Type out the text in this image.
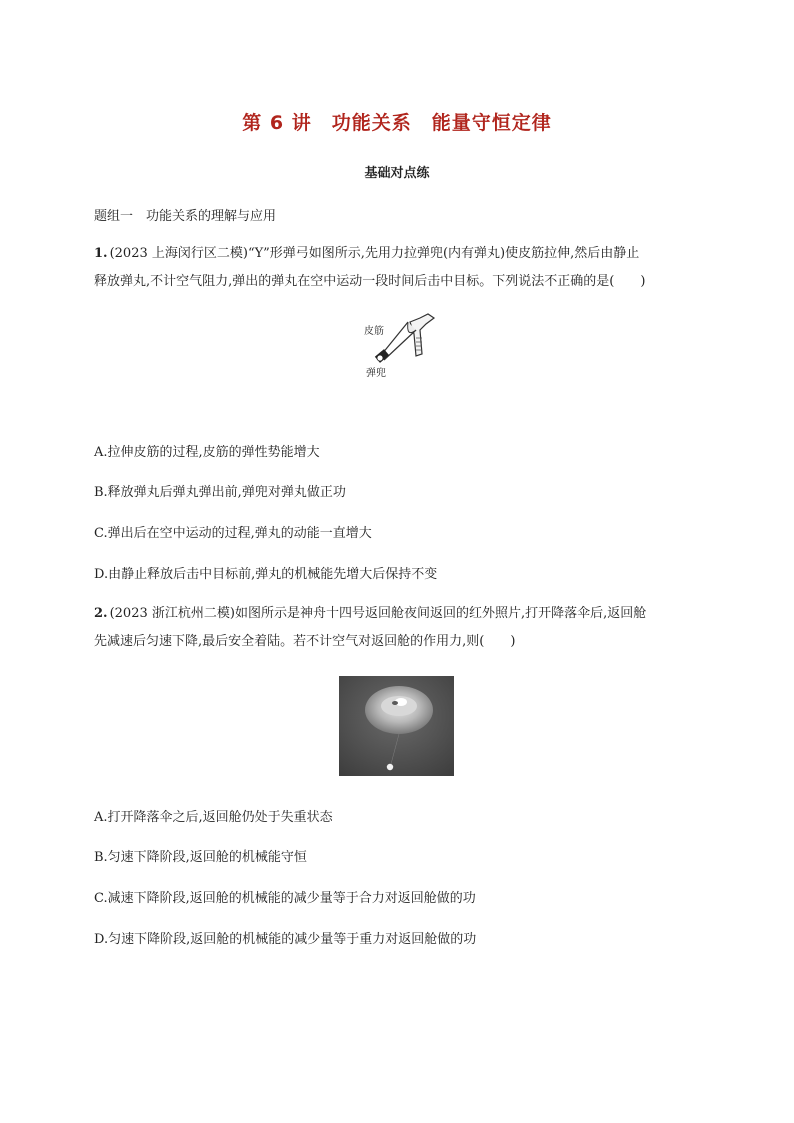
第 6 讲　功能关系　能量守恒定律
基础对点练
题组一　功能关系的理解与应用
1. (2023 上海闵行区二模)“Y”形弹弓如图所示,先用力拉弹兜(内有弹丸)使皮筋拉伸,然后由静止
释放弹丸,不计空气阻力,弹出的弹丸在空中运动一段时间后击中目标。下列说法不正确的是(　　)
皮筋
弹兜
A.拉伸皮筋的过程,皮筋的弹性势能增大
B.释放弹丸后弹丸弹出前,弹兜对弹丸做正功
C.弹出后在空中运动的过程,弹丸的动能一直增大
D.由静止释放后击中目标前,弹丸的机械能先增大后保持不变
2. (2023 浙江杭州二模)如图所示是神舟十四号返回舱夜间返回的红外照片,打开降落伞后,返回舱
先减速后匀速下降,最后安全着陆。若不计空气对返回舱的作用力,则(　　)
A.打开降落伞之后,返回舱仍处于失重状态
B.匀速下降阶段,返回舱的机械能守恒
C.减速下降阶段,返回舱的机械能的减少量等于合力对返回舱做的功
D.匀速下降阶段,返回舱的机械能的减少量等于重力对返回舱做的功
